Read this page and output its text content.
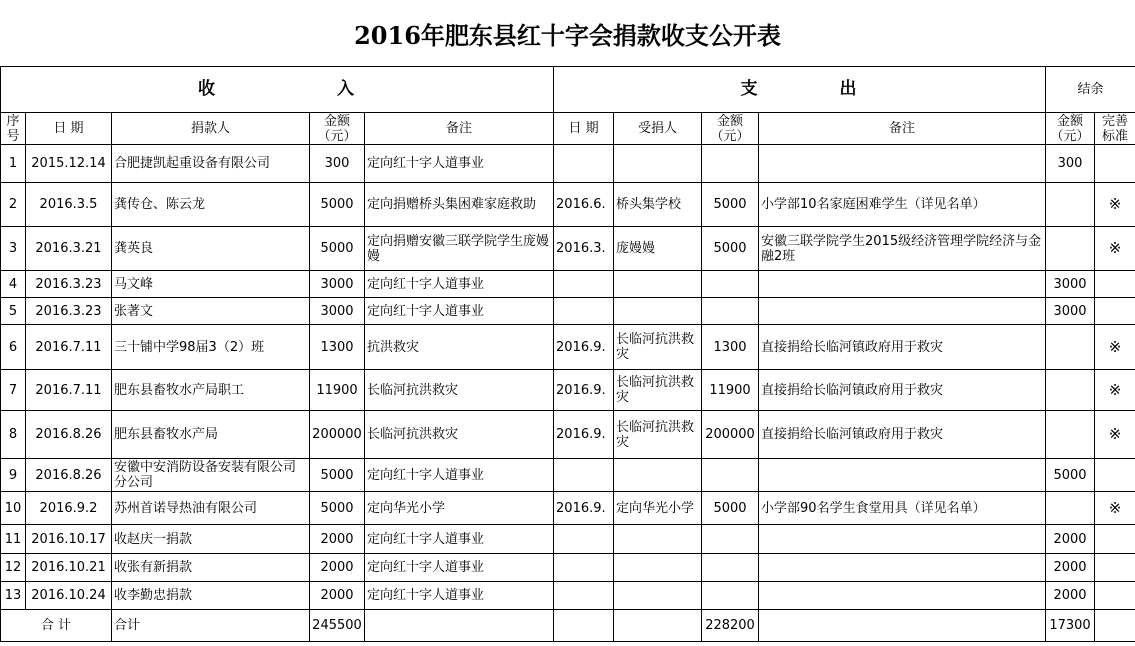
2016年肥东县红十字会捐款收支公开表
收 入					支 出				结余	
序号	日 期	捐款人	金额（元）	备注	日 期	受捐人	金额（元）	备注	金额（元）	完善标准
1	2015.12.14	合肥捷凯起重设备有限公司	300	定向红十字人道事业					300	
2	2016.3.5	龚传仓、陈云龙	5000	定向捐赠桥头集困难家庭救助	2016.6.	桥头集学校	5000	小学部10名家庭困难学生（详见名单）		※
3	2016.3.21	龚英良	5000	定向捐赠安徽三联学院学生庞嫚嫚	2016.3.	庞嫚嫚	5000	安徽三联学院学生2015级经济管理学院经济与金融2班		※
4	2016.3.23	马文峰	3000	定向红十字人道事业					3000	
5	2016.3.23	张著文	3000	定向红十字人道事业					3000	
6	2016.7.11	三十铺中学98届3（2）班	1300	抗洪救灾	2016.9.	长临河抗洪救灾	1300	直接捐给长临河镇政府用于救灾		※
7	2016.7.11	肥东县畜牧水产局职工	11900	长临河抗洪救灾	2016.9.	长临河抗洪救灾	11900	直接捐给长临河镇政府用于救灾		※
8	2016.8.26	肥东县畜牧水产局	200000	长临河抗洪救灾	2016.9.	长临河抗洪救灾	200000	直接捐给长临河镇政府用于救灾		※
9	2016.8.26	安徽中安消防设备安装有限公司分公司	5000	定向红十字人道事业					5000	
10	2016.9.2	苏州首诺导热油有限公司	5000	定向华光小学	2016.9.	定向华光小学	5000	小学部90名学生食堂用具（详见名单）		※
11	2016.10.17	收赵庆一捐款	2000	定向红十字人道事业					2000	
12	2016.10.21	收张有新捐款	2000	定向红十字人道事业					2000	
13	2016.10.24	收李勤忠捐款	2000	定向红十字人道事业					2000	
合 计		合计	245500				228200		17300	
